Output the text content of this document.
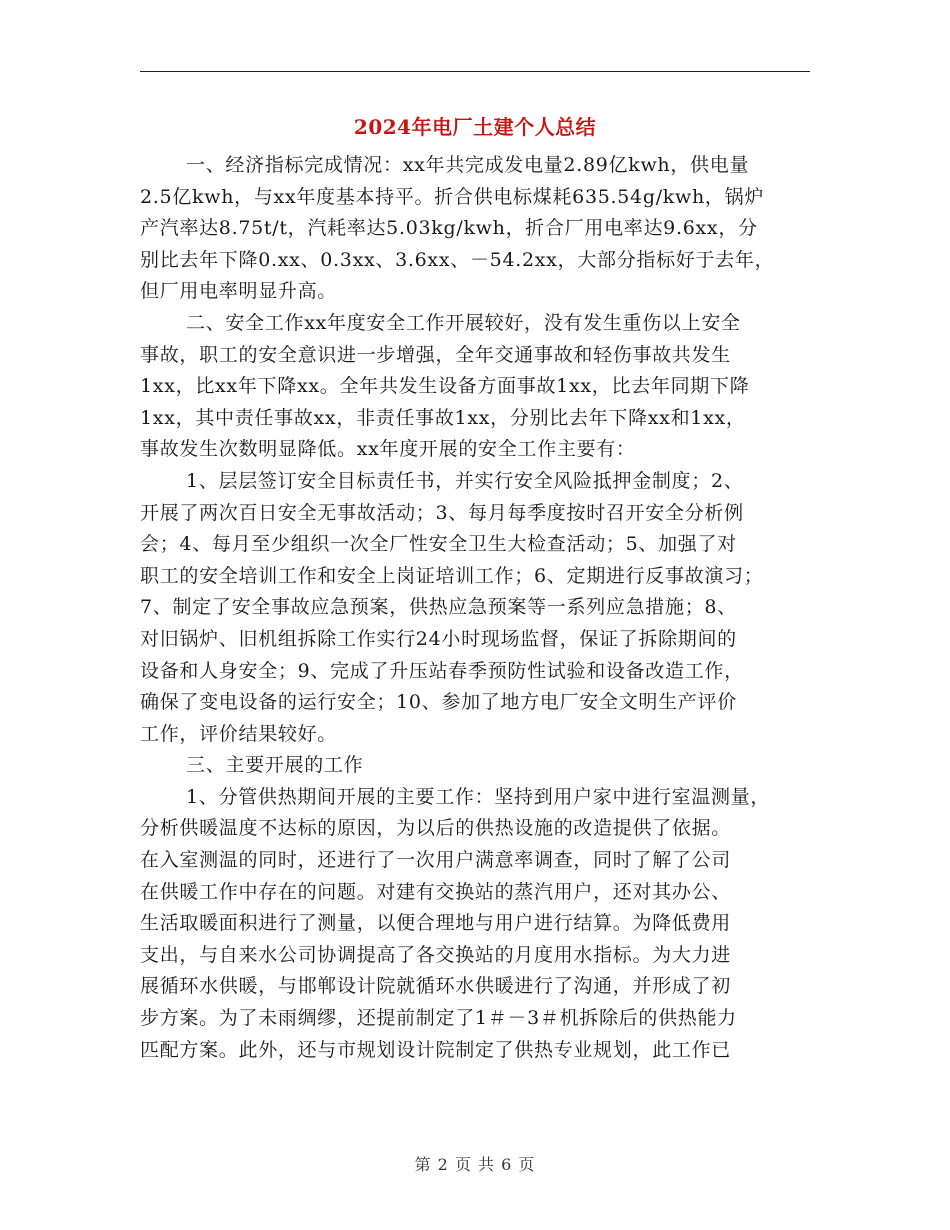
2024年电厂土建个人总结
一、经济指标完成情况：xx年共完成发电量2.89亿kwh，供电量
2.5亿kwh，与xx年度基本持平。折合供电标煤耗635.54g/kwh，锅炉
产汽率达8.75t/t，汽耗率达5.03kg/kwh，折合厂用电率达9.6xx，分
别比去年下降0.xx、0.3xx、3.6xx、－54.2xx，大部分指标好于去年，
但厂用电率明显升高。
二、安全工作xx年度安全工作开展较好，没有发生重伤以上安全
事故，职工的安全意识进一步增强，全年交通事故和轻伤事故共发生
1xx，比xx年下降xx。全年共发生设备方面事故1xx，比去年同期下降
1xx，其中责任事故xx，非责任事故1xx，分别比去年下降xx和1xx，
事故发生次数明显降低。xx年度开展的安全工作主要有：
1、层层签订安全目标责任书，并实行安全风险抵押金制度；2、
开展了两次百日安全无事故活动；3、每月每季度按时召开安全分析例
会；4、每月至少组织一次全厂性安全卫生大检查活动；5、加强了对
职工的安全培训工作和安全上岗证培训工作；6、定期进行反事故演习；
7、制定了安全事故应急预案，供热应急预案等一系列应急措施；8、
对旧锅炉、旧机组拆除工作实行24小时现场监督，保证了拆除期间的
设备和人身安全；9、完成了升压站春季预防性试验和设备改造工作，
确保了变电设备的运行安全；10、参加了地方电厂安全文明生产评价
工作，评价结果较好。
三、主要开展的工作
1、分管供热期间开展的主要工作：坚持到用户家中进行室温测量，
分析供暖温度不达标的原因，为以后的供热设施的改造提供了依据。
在入室测温的同时，还进行了一次用户满意率调查，同时了解了公司
在供暖工作中存在的问题。对建有交换站的蒸汽用户，还对其办公、
生活取暖面积进行了测量，以便合理地与用户进行结算。为降低费用
支出，与自来水公司协调提高了各交换站的月度用水指标。为大力进
展循环水供暖，与邯郸设计院就循环水供暖进行了沟通，并形成了初
步方案。为了未雨绸缪，还提前制定了1＃－3＃机拆除后的供热能力
匹配方案。此外，还与市规划设计院制定了供热专业规划，此工作已
第 2 页 共 6 页
